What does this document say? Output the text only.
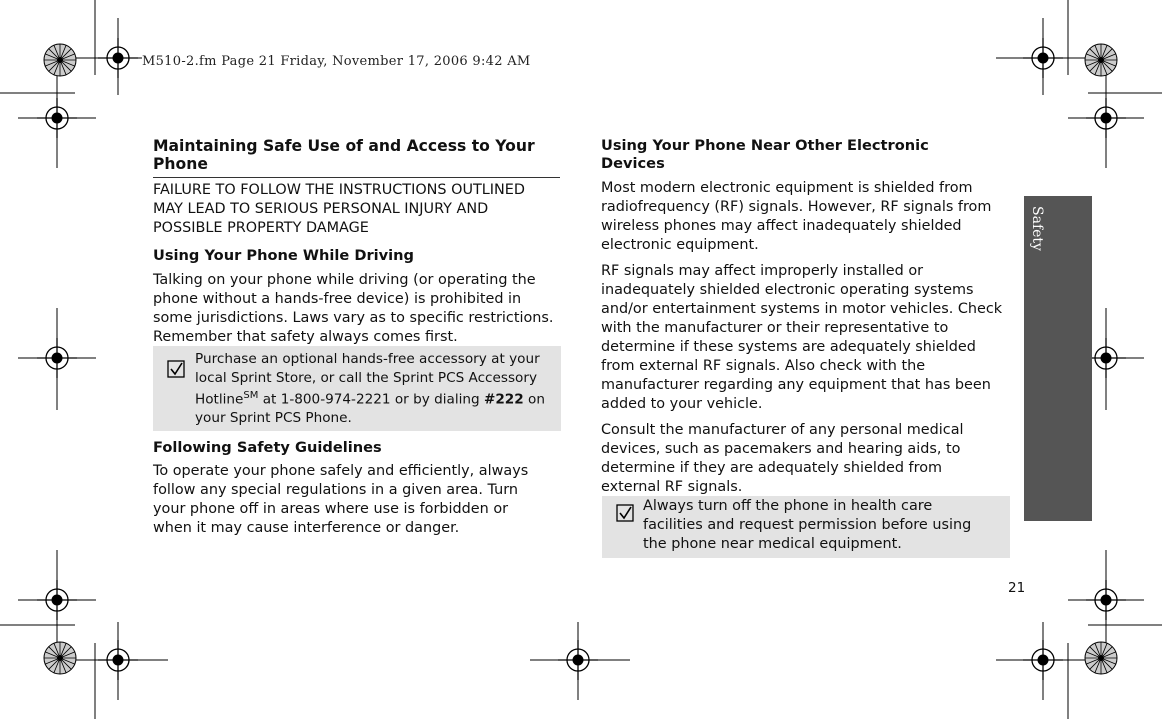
M510-2.fm Page 21 Friday, November 17, 2006 9:42 AM
Safety

Maintaining Safe Use of and Access to Your Phone

FAILURE TO FOLLOW THE INSTRUCTIONS OUTLINED MAY LEAD TO SERIOUS PERSONAL INJURY AND POSSIBLE PROPERTY DAMAGE

Using Your Phone While Driving

Talking on your phone while driving (or operating the phone without a hands-free device) is prohibited in some jurisdictions. Laws vary as to specific restrictions. Remember that safety always comes first.

Purchase an optional hands-free accessory at your local Sprint Store, or call the Sprint PCS Accessory Hotline℠ at 1-800-974-2221 or by dialing #222 on your Sprint PCS Phone.

Following Safety Guidelines

To operate your phone safely and efficiently, always follow any special regulations in a given area. Turn your phone off in areas where use is forbidden or when it may cause interference or danger.

Using Your Phone Near Other Electronic Devices

Most modern electronic equipment is shielded from radiofrequency (RF) signals. However, RF signals from wireless phones may affect inadequately shielded electronic equipment.

RF signals may affect improperly installed or inadequately shielded electronic operating systems and/or entertainment systems in motor vehicles. Check with the manufacturer or their representative to determine if these systems are adequately shielded from external RF signals. Also check with the manufacturer regarding any equipment that has been added to your vehicle.

Consult the manufacturer of any personal medical devices, such as pacemakers and hearing aids, to determine if they are adequately shielded from external RF signals.

Always turn off the phone in health care facilities and request permission before using the phone near medical equipment.
21
